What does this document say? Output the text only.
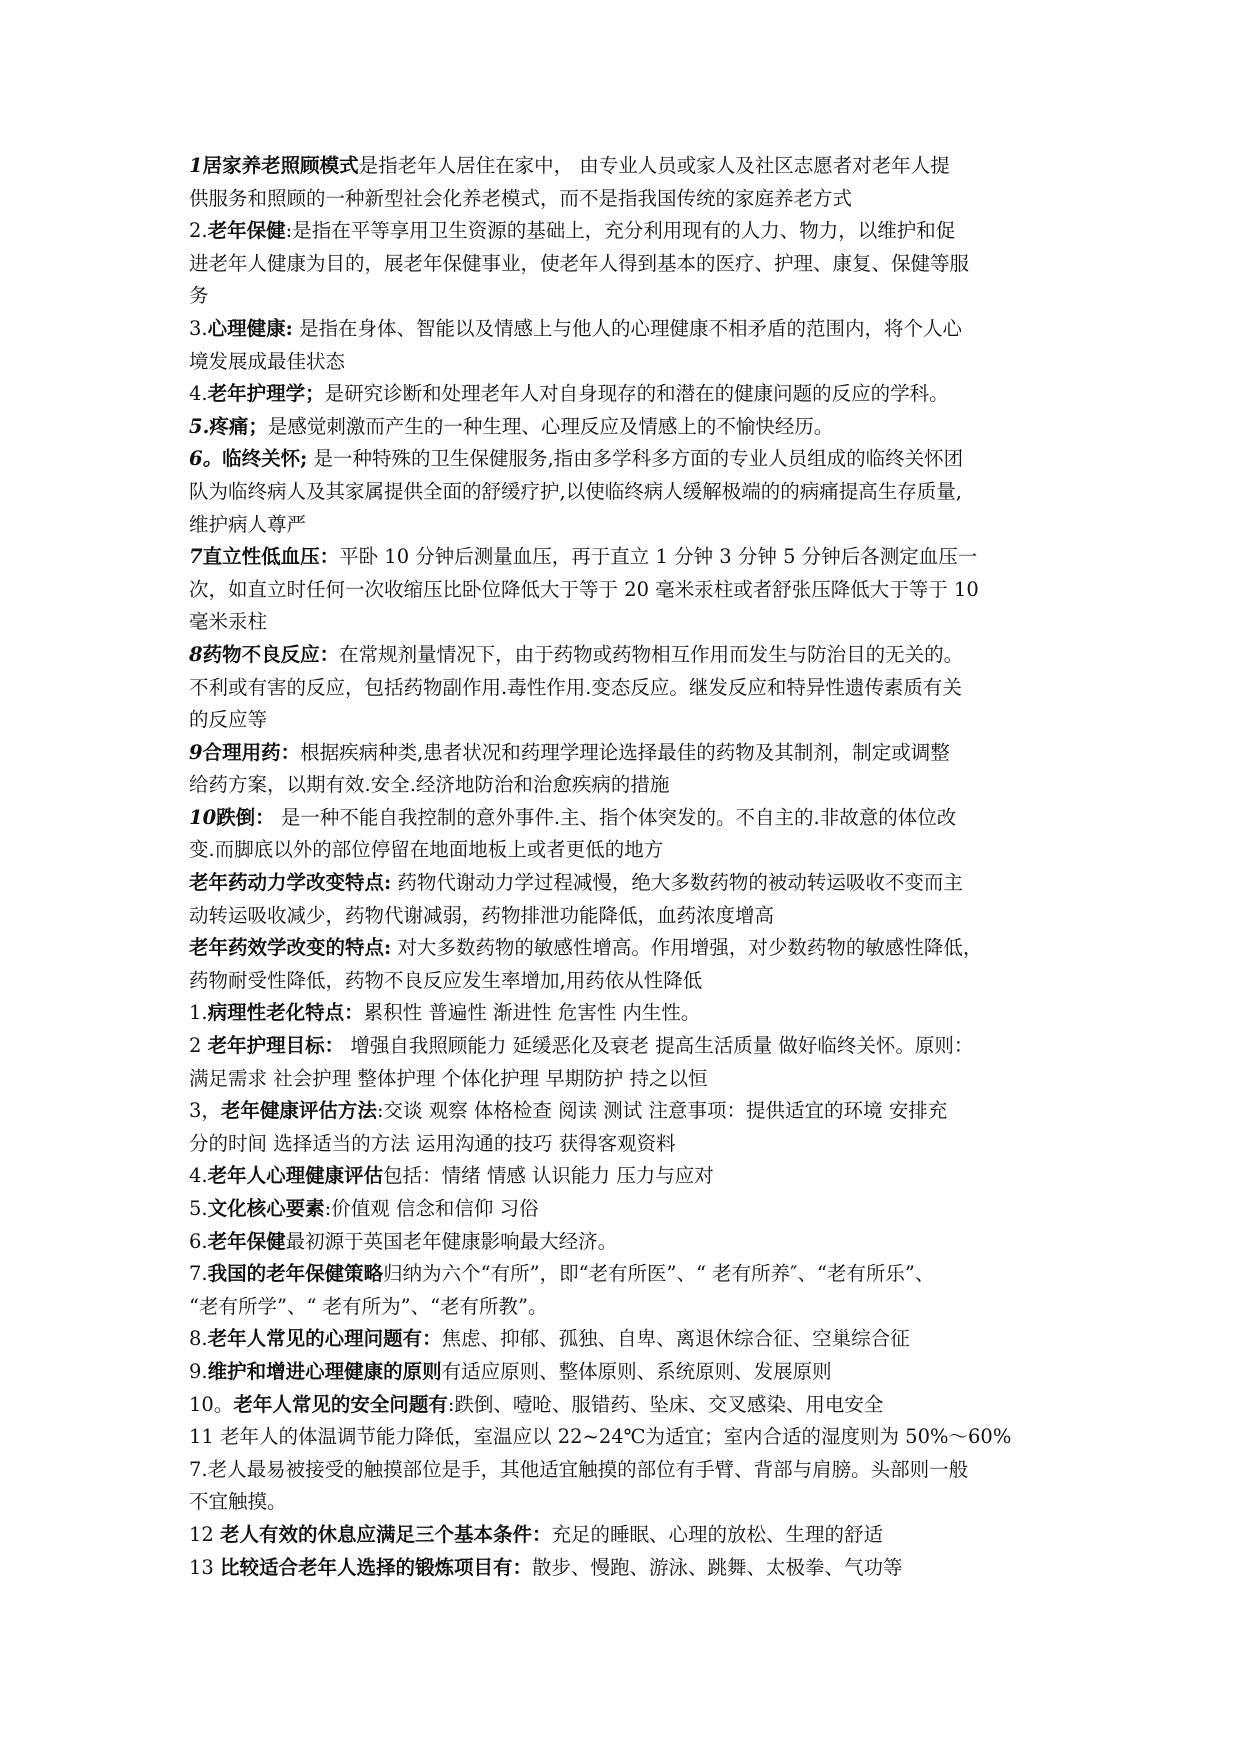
1居家养老照顾模式是指老年人居住在家中， 由专业人员或家人及社区志愿者对老年人提

供服务和照顾的一种新型社会化养老模式，而不是指我国传统的家庭养老方式

2.老年保健:是指在平等享用卫生资源的基础上，充分利用现有的人力、物力，以维护和促

进老年人健康为目的，展老年保健事业，使老年人得到基本的医疗、护理、康复、保健等服

务

3.心理健康: 是指在身体、智能以及情感上与他人的心理健康不相矛盾的范围内，将个人心

境发展成最佳状态

4.老年护理学；是研究诊断和处理老年人对自身现存的和潜在的健康问题的反应的学科。

5.疼痛；是感觉刺激而产生的一种生理、心理反应及情感上的不愉快经历。

6。临终关怀; 是一种特殊的卫生保健服务,指由多学科多方面的专业人员组成的临终关怀团

队为临终病人及其家属提供全面的舒缓疗护,以使临终病人缓解极端的的病痛提高生存质量,

维护病人尊严

7直立性低血压：平卧 10 分钟后测量血压，再于直立 1 分钟 3 分钟 5 分钟后各测定血压一

次，如直立时任何一次收缩压比卧位降低大于等于 20 毫米汞柱或者舒张压降低大于等于 10

毫米汞柱

8药物不良反应：在常规剂量情况下，由于药物或药物相互作用而发生与防治目的无关的。

不利或有害的反应，包括药物副作用.毒性作用.变态反应。继发反应和特异性遗传素质有关

的反应等

9合理用药：根据疾病种类,患者状况和药理学理论选择最佳的药物及其制剂，制定或调整

给药方案，以期有效.安全.经济地防治和治愈疾病的措施

10跌倒： 是一种不能自我控制的意外事件.主、指个体突发的。不自主的.非故意的体位改

变.而脚底以外的部位停留在地面地板上或者更低的地方

老年药动力学改变特点: 药物代谢动力学过程减慢，绝大多数药物的被动转运吸收不变而主

动转运吸收减少，药物代谢减弱，药物排泄功能降低，血药浓度增高

老年药效学改变的特点: 对大多数药物的敏感性增高。作用增强，对少数药物的敏感性降低，

药物耐受性降低，药物不良反应发生率增加,用药依从性降低

1.病理性老化特点：累积性 普遍性 渐进性 危害性 内生性。

2 老年护理目标： 增强自我照顾能力 延缓恶化及衰老 提高生活质量 做好临终关怀。原则：

满足需求 社会护理 整体护理 个体化护理 早期防护 持之以恒

3，老年健康评估方法:交谈 观察 体格检查 阅读 测试 注意事项：提供适宜的环境 安排充

分的时间 选择适当的方法 运用沟通的技巧 获得客观资料

4.老年人心理健康评估包括：情绪 情感 认识能力 压力与应对

5.文化核心要素:价值观 信念和信仰 习俗

6.老年保健最初源于英国老年健康影响最大经济。

7.我国的老年保健策略归纳为六个“有所”，即“老有所医”、“ 老有所养″、“老有所乐”、

“老有所学”、“ 老有所为”、“老有所教”。

8.老年人常见的心理问题有：焦虑、抑郁、孤独、自卑、离退休综合征、空巢综合征

9.维护和增进心理健康的原则有适应原则、整体原则、系统原则、发展原则

10。老年人常见的安全问题有:跌倒、噎呛、服错药、坠床、交叉感染、用电安全

11 老年人的体温调节能力降低，室温应以 22~24℃为适宜；室内合适的湿度则为 50%～60%

7.老人最易被接受的触摸部位是手，其他适宜触摸的部位有手臂、背部与肩膀。头部则一般

不宜触摸。

12 老人有效的休息应满足三个基本条件：充足的睡眠、心理的放松、生理的舒适

13 比较适合老年人选择的锻炼项目有：散步、慢跑、游泳、跳舞、太极拳、气功等
